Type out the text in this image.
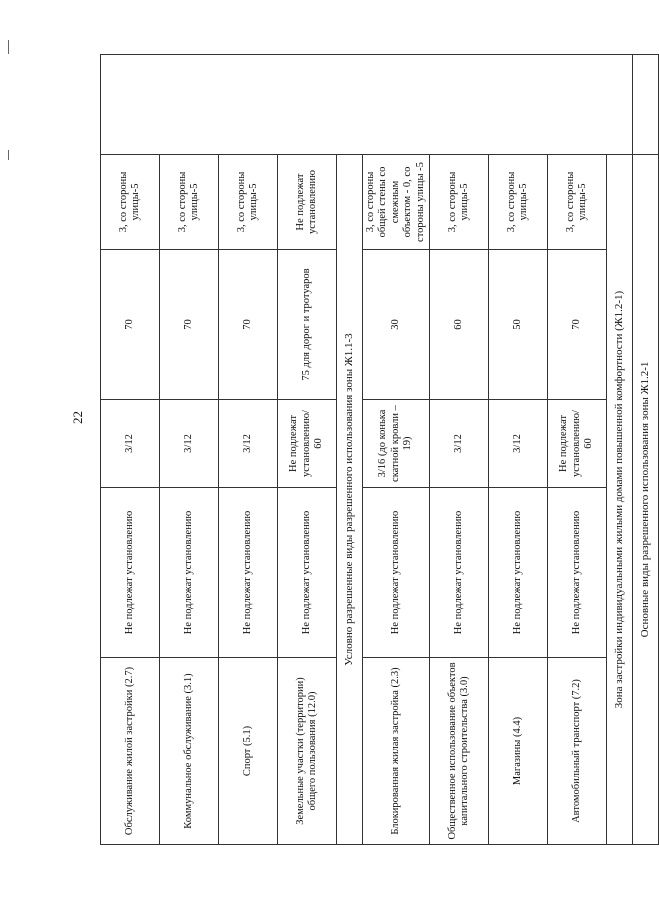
22
Обслуживание жилой застройки (2.7)	Не подлежат установлению	3/12	70	3, со стороны улицы-5		
Коммунальное обслуживание (3.1)	Не подлежат установлению	3/12	70	3, со стороны улицы-5		
Спорт (5.1)	Не подлежат установлению	3/12	70	3, со стороны улицы-5		
Земельные участки (территории) общего пользования (12.0)	Не подлежат установлению	Не подлежат установлению/ 60	75 для дорог и тротуаров	Не подлежат установлению		
Условно разрешенные виды разрешенного использования зоны Ж1.1-3						
Блокированная жилая застройка (2.3)	Не подлежат установлению	3/16 (до конька скатной кровли – 19)	30	3, со стороны общей стены со смежным объектом - 0, со стороны улицы -5		
Общественное использование объектов капитального строительства (3.0)	Не подлежат установлению	3/12	60	3, со стороны улицы-5		
Магазины (4.4)	Не подлежат установлению	3/12	50	3, со стороны улицы-5		
Автомобильный транспорт (7.2)	Не подлежат установлению	Не подлежат установлению/ 60	70	3, со стороны улицы-5		
Зона застройки индивидуальными жилыми домами повышенной комфортности (Ж1.2-1)						
Основные виды разрешенного использования зоны Ж1.2-1						
